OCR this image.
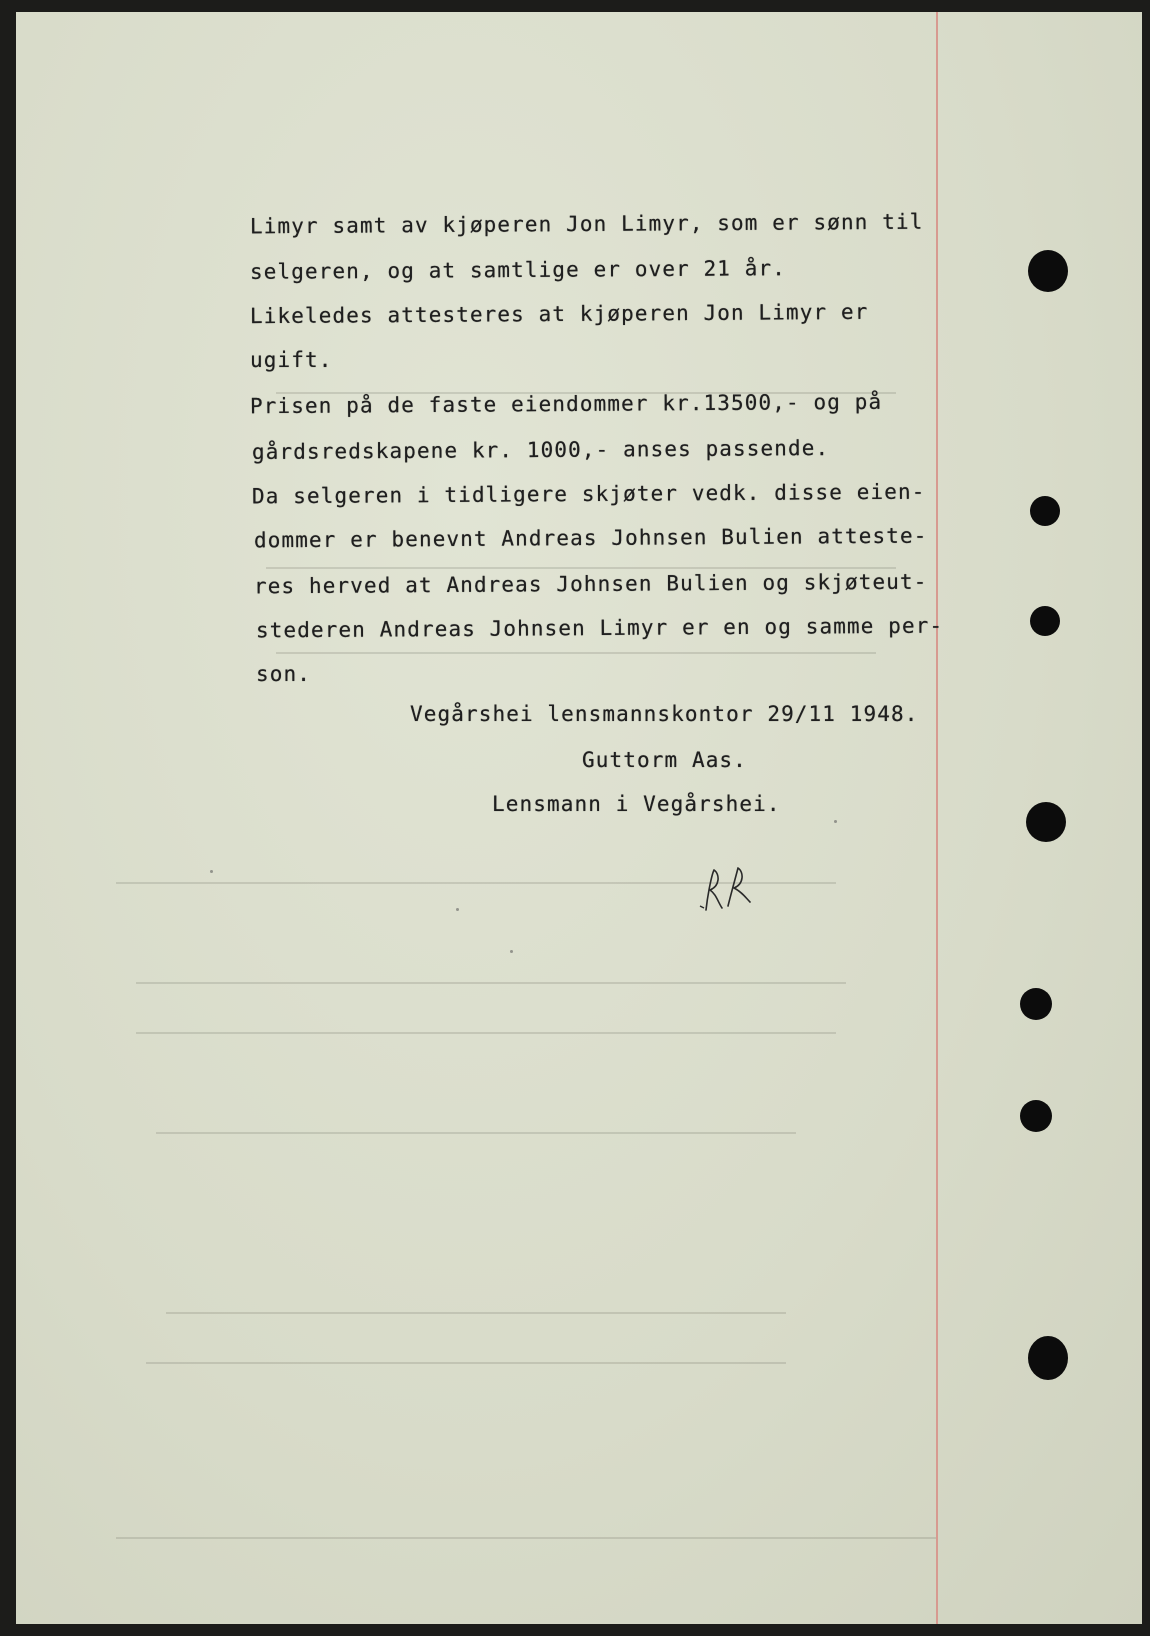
Limyr samt av kjøperen Jon Limyr, som er sønn til
selgeren, og at samtlige er over 21 år.
Likeledes attesteres at kjøperen Jon Limyr er
ugift.
Prisen på de faste eiendommer kr.13500,- og på
gårdsredskapene kr. 1000,- anses passende.
Da selgeren i tidligere skjøter vedk. disse eien-
dommer er benevnt Andreas Johnsen Bulien atteste-
res herved at Andreas Johnsen Bulien og skjøteut-
stederen Andreas Johnsen Limyr er en og samme per-
son.
Vegårshei lensmannskontor 29/11 1948.
Guttorm Aas.
Lensmann i Vegårshei.
